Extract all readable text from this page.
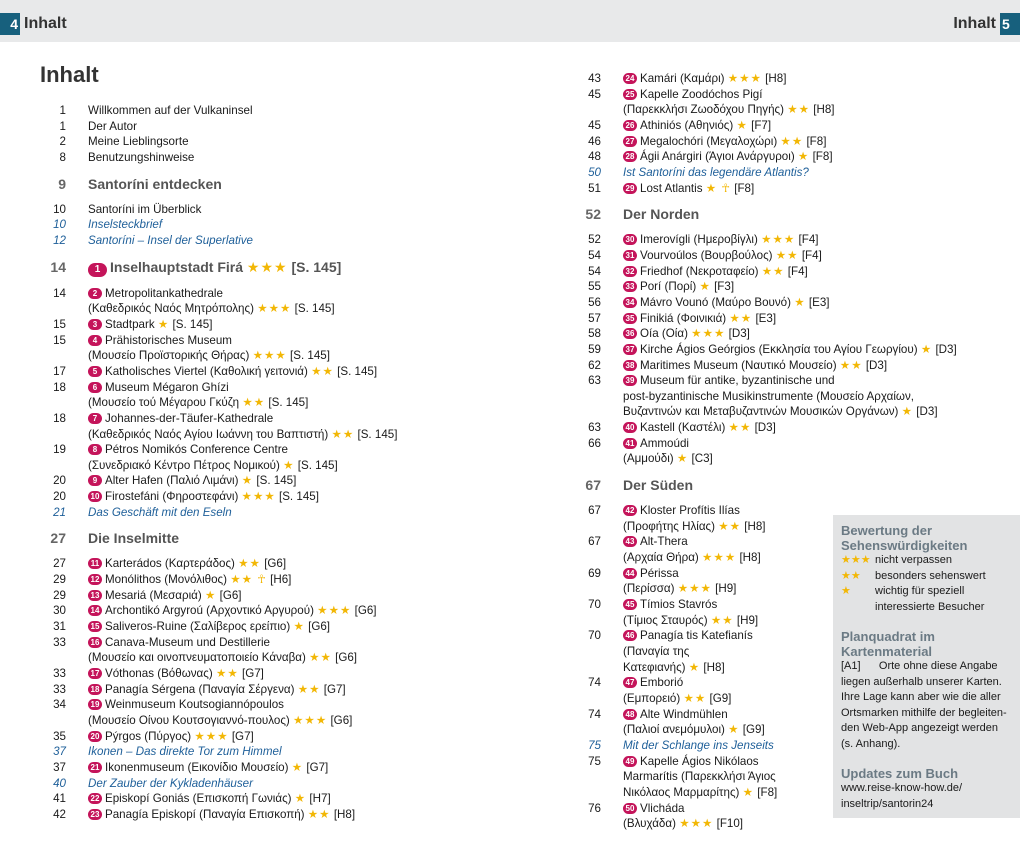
4 Inhalt	Inhalt 5
Inhalt
1	Willkommen auf der Vulkaninsel
1	Der Autor
2	Meine Lieblingsorte
8	Benutzungshinweise
9	Santoríni entdecken
10	Santoríni im Überblick
10	Inselsteckbrief
12	Santoríni – Insel der Superlative
14	1 Inselhauptstadt Firá ★★★ [S. 145]
14	2 Metropolitankathedrale
(Καθεδρικός Ναός Μητρόπολης) ★★★ [S. 145]
15	3 Stadtpark ★ [S. 145]
15	4 Prähistorisches Museum
(Μουσείο Προϊστορικής Θήρας) ★★★ [S. 145]
17	5 Katholisches Viertel (Καθολική γειτονιά) ★★ [S. 145]
18	6 Museum Mégaron Ghízi
(Μουσείο τού Μέγαρου Γκύζη ★★ [S. 145]
18	7 Johannes-der-Täufer-Kathedrale
(Καθεδρικός Ναός Αγίου Ιωάννη του Βαπτιστή) ★★ [S. 145]
19	8 Pétros Nomikós Conference Centre
(Συνεδριακό Κέντρο Πέτρος Νομικού) ★ [S. 145]
20	9 Alter Hafen (Παλιό Λιμάνι) ★ [S. 145]
20	10 Firostefáni (Φηροστεφάνι) ★★★ [S. 145]
21	Das Geschäft mit den Eseln
27	Die Inselmitte
27	11 Karterádos (Καρτεράδος) ★★ [G6]
29	12 Monólithos (Μονόλιθος) ★★ ☥ [H6]
29	13 Mesariá (Μεσαριά) ★ [G6]
30	14 Archontikó Argyroú (Αρχοντικό Αργυρού) ★★★ [G6]
31	15 Saliveros-Ruine (Σαλίβερος ερείπιο) ★ [G6]
33	16 Canava-Museum und Destillerie
(Μουσείο και οινοπνευματοποιείο Κάναβα) ★★ [G6]
33	17 Vóthonas (Βόθωνας) ★★ [G7]
33	18 Panagía Sérgena (Παναγία Σέργενα) ★★ [G7]
34	19 Weinmuseum Koutsogiannópoulos
(Μουσείο Οίνου Κουτσογιαννό-πουλος) ★★★ [G6]
35	20 Pýrgos (Πύργος) ★★★ [G7]
37	Ikonen – Das direkte Tor zum Himmel
37	21 Ikonenmuseum (Εικονίδιο Μουσείο) ★ [G7]
40	Der Zauber der Kykladenhäuser
41	22 Episkopí Goniás (Επισκοπή Γωνιάς) ★ [H7]
42	23 Panagía Episkopí (Παναγία Επισκοπή) ★★ [H8]
43	24 Kamári (Καμάρι) ★★★ [H8]
45	25 Kapelle Zoodóchos Pigí
(Παρεκκλήσι Ζωοδόχου Πηγής) ★★ [H8]
45	26 Athiniós (Αθηνιός) ★ [F7]
46	27 Megalochóri (Μεγαλοχώρι) ★★ [F8]
48	28 Ágii Anárgiri (Άγιοι Ανάργυροι) ★ [F8]
50	Ist Santoríni das legendäre Atlantis?
51	29 Lost Atlantis ★ ☥ [F8]
52	Der Norden
52	30 Imerovígli (Ημεροβίγλι) ★★★ [F4]
54	31 Vourvoúlos (Βουρβούλος) ★★ [F4]
54	32 Friedhof (Νεκροταφείο) ★★ [F4]
55	33 Porí (Πορί) ★ [F3]
56	34 Mávro Vounó (Μαύρο Βουνό) ★ [E3]
57	35 Finikiá (Φοινικιά) ★★ [E3]
58	36 Oía (Οία) ★★★ [D3]
59	37 Kirche Ágios Geórgios (Εκκλησία του Αγίου Γεωργίου) ★ [D3]
62	38 Maritimes Museum (Ναυτικό Μουσείο) ★★ [D3]
63	39 Museum für antike, byzantinische und
post-byzantinische Musikinstrumente (Μουσείο Αρχαίων,
Βυζαντινών και Μεταβυζαντινών Μουσικών Οργάνων) ★ [D3]
63	40 Kastell (Καστέλι) ★★ [D3]
66	41 Ammoúdi
(Αμμούδι) ★ [C3]
67	Der Süden
67	42 Kloster Profítis Ilías
(Προφήτης Ηλίας) ★★ [H8]
67	43 Alt-Thera
(Αρχαία Θήρα) ★★★ [H8]
69	44 Périssa
(Περίσσα) ★★★ [H9]
70	45 Tímios Stavrós
(Τίμιος Σταυρός) ★★ [H9]
70	46 Panagía tis Katefianís
(Παναγία της
Κατεφιανής) ★ [H8]
74	47 Emborió
(Εμπορειό) ★★ [G9]
74	48 Alte Windmühlen
(Παλιοί ανεμόμυλοι) ★ [G9]
75	Mit der Schlange ins Jenseits
75	49 Kapelle Ágios Nikólaos
Marmarítis (Παρεκκλήσι Άγιος
Νικόλαος Μαρμαρίτης) ★ [F8]
76	50 Vlicháda
(Βλυχάδα) ★★★ [F10]
Bewertung der
Sehenswürdigkeiten
★★★ nicht verpassen
★★	besonders sehenswert
★	wichtig für speziell
interessierte Besucher
Planquadrat im Kartenmaterial
[A1]      Orte ohne diese Angabe
liegen außerhalb unserer Karten.
Ihre Lage kann aber wie die aller
Ortsmarken mithilfe der begleiten-
den Web-App angezeigt werden
(s. Anhang).
Updates zum Buch
www.reise-know-how.de/
inseltrip/santorin24
